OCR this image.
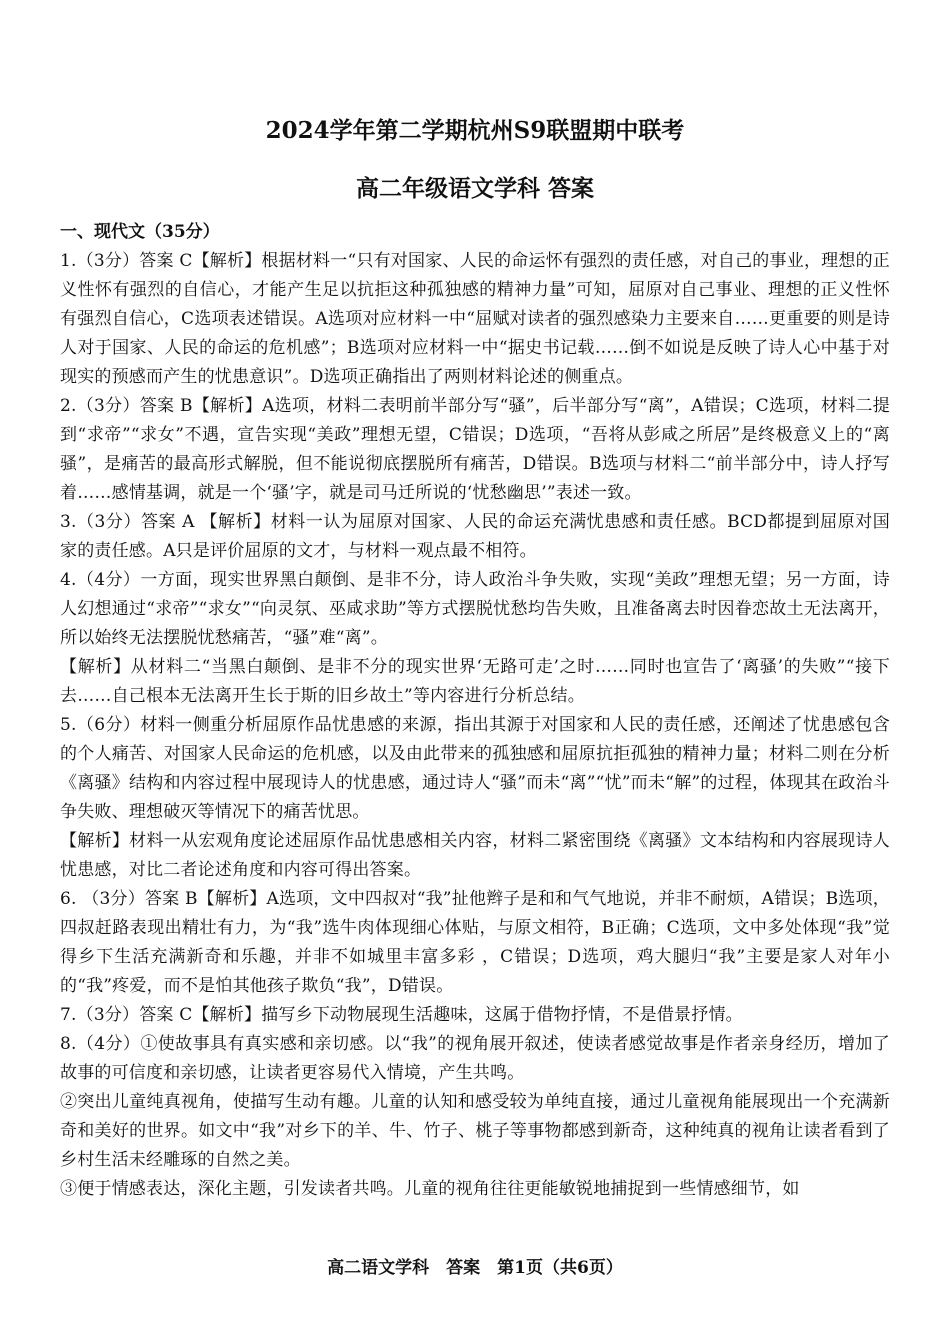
2024学年第二学期杭州S9联盟期中联考
高二年级语文学科 答案

一、现代文（35分）

1.（3分）答案 C【解析】根据材料一“只有对国家、人民的命运怀有强烈的责任感，对自己的事业，理想的正义性怀有强烈的自信心，才能产生足以抗拒这种孤独感的精神力量”可知，屈原对自己事业、理想的正义性怀有强烈自信心，C选项表述错误。A选项对应材料一中“屈赋对读者的强烈感染力主要来自……更重要的则是诗人对于国家、人民的命运的危机感”；B选项对应材料一中“据史书记载……倒不如说是反映了诗人心中基于对现实的预感而产生的忧患意识”。D选项正确指出了两则材料论述的侧重点。

2.（3分）答案 B【解析】A选项，材料二表明前半部分写“骚”，后半部分写“离”，A错误；C选项，材料二提到“求帝”“求女”不遇，宣告实现“美政”理想无望，C错误；D选项，“吾将从彭咸之所居”是终极意义上的“离骚”，是痛苦的最高形式解脱，但不能说彻底摆脱所有痛苦，D错误。B选项与材料二“前半部分中，诗人抒写着……感情基调，就是一个‘骚’字，就是司马迁所说的‘忧愁幽思’”表述一致。

3.（3分）答案 A 【解析】材料一认为屈原对国家、人民的命运充满忧患感和责任感。BCD都提到屈原对国家的责任感。A只是评价屈原的文才，与材料一观点最不相符。

4.（4分）一方面，现实世界黑白颠倒、是非不分，诗人政治斗争失败，实现“美政”理想无望；另一方面，诗人幻想通过“求帝”“求女”“向灵氛、巫咸求助”等方式摆脱忧愁均告失败，且准备离去时因眷恋故土无法离开，所以始终无法摆脱忧愁痛苦，“骚”难“离”。

【解析】从材料二“当黑白颠倒、是非不分的现实世界‘无路可走’之时……同时也宣告了‘离骚’的失败”“接下去……自己根本无法离开生长于斯的旧乡故土”等内容进行分析总结。

5.（6分）材料一侧重分析屈原作品忧患感的来源，指出其源于对国家和人民的责任感，还阐述了忧患感包含的个人痛苦、对国家人民命运的危机感，以及由此带来的孤独感和屈原抗拒孤独的精神力量；材料二则在分析《离骚》结构和内容过程中展现诗人的忧患感，通过诗人“骚”而未“离”“忧”而未“解”的过程，体现其在政治斗争失败、理想破灭等情况下的痛苦忧思。

【解析】材料一从宏观角度论述屈原作品忧患感相关内容，材料二紧密围绕《离骚》文本结构和内容展现诗人忧患感，对比二者论述角度和内容可得出答案。

6. （3分）答案 B【解析】A选项，文中四叔对“我”扯他辫子是和和气气地说，并非不耐烦，A错误；B选项，四叔赶路表现出精壮有力，为“我”选牛肉体现细心体贴，与原文相符，B正确；C选项，文中多处体现“我”觉得乡下生活充满新奇和乐趣，并非不如城里丰富多彩 ，C错误；D选项，鸡大腿归“我”主要是家人对年小的“我”疼爱，而不是怕其他孩子欺负“我”，D错误。

7.（3分）答案 C【解析】描写乡下动物展现生活趣味，这属于借物抒情，不是借景抒情。

8.（4分）①使故事具有真实感和亲切感。以“我”的视角展开叙述，使读者感觉故事是作者亲身经历，增加了故事的可信度和亲切感，让读者更容易代入情境，产生共鸣。

②突出儿童纯真视角，使描写生动有趣。儿童的认知和感受较为单纯直接，通过儿童视角能展现出一个充满新奇和美好的世界。如文中“我”对乡下的羊、牛、竹子、桃子等事物都感到新奇，这种纯真的视角让读者看到了乡村生活未经雕琢的自然之美。

③便于情感表达，深化主题，引发读者共鸣。儿童的视角往往更能敏锐地捕捉到一些情感细节，如

高二语文学科　答案　第1页（共6页）
